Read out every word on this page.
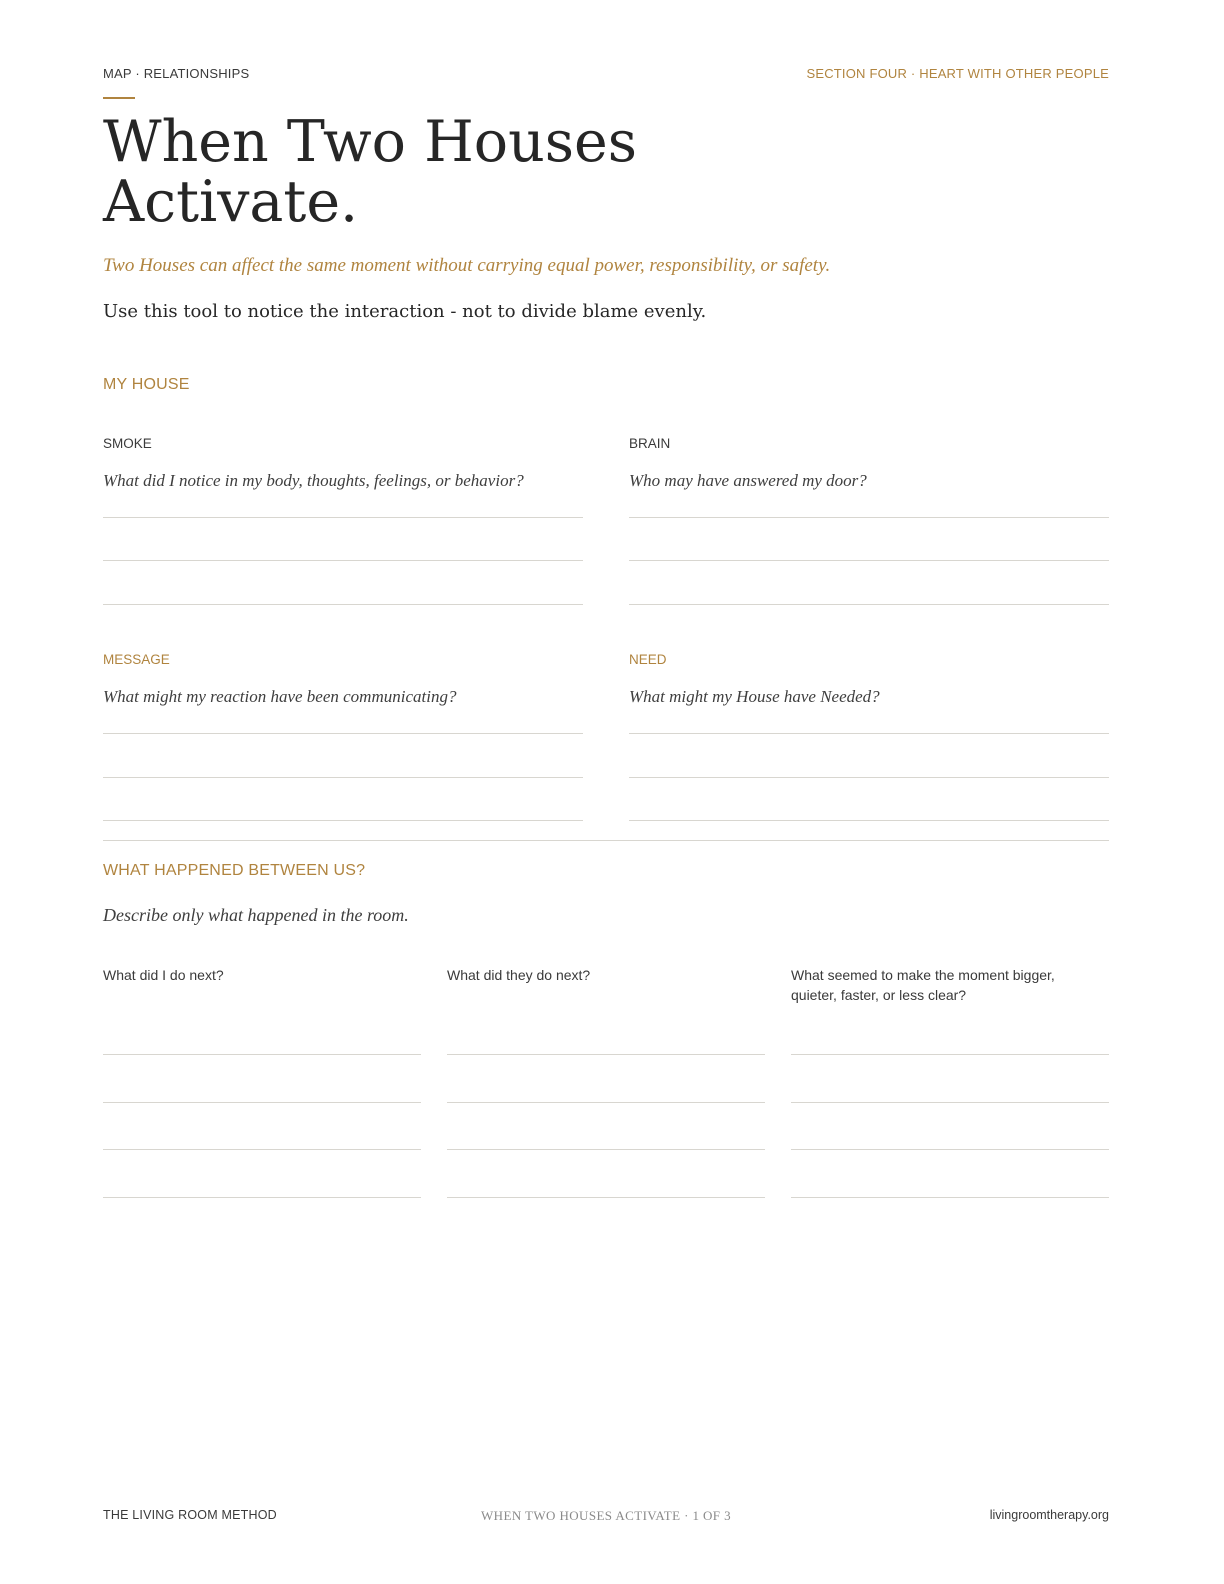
MAP · RELATIONSHIPS	SECTION FOUR · HEART WITH OTHER PEOPLE
When Two Houses
Activate.
Two Houses can affect the same moment without carrying equal power, responsibility, or safety.
Use this tool to notice the interaction - not to divide blame evenly.
MY HOUSE
SMOKE
What did I notice in my body, thoughts, feelings, or behavior?
BRAIN
Who may have answered my door?
MESSAGE
What might my reaction have been communicating?
NEED
What might my House have Needed?
WHAT HAPPENED BETWEEN US?
Describe only what happened in the room.
What did I do next?	What did they do next?	What seemed to make the moment bigger, quieter, faster, or less clear?
THE LIVING ROOM METHOD	WHEN TWO HOUSES ACTIVATE · 1 OF 3	livingroomtherapy.org
